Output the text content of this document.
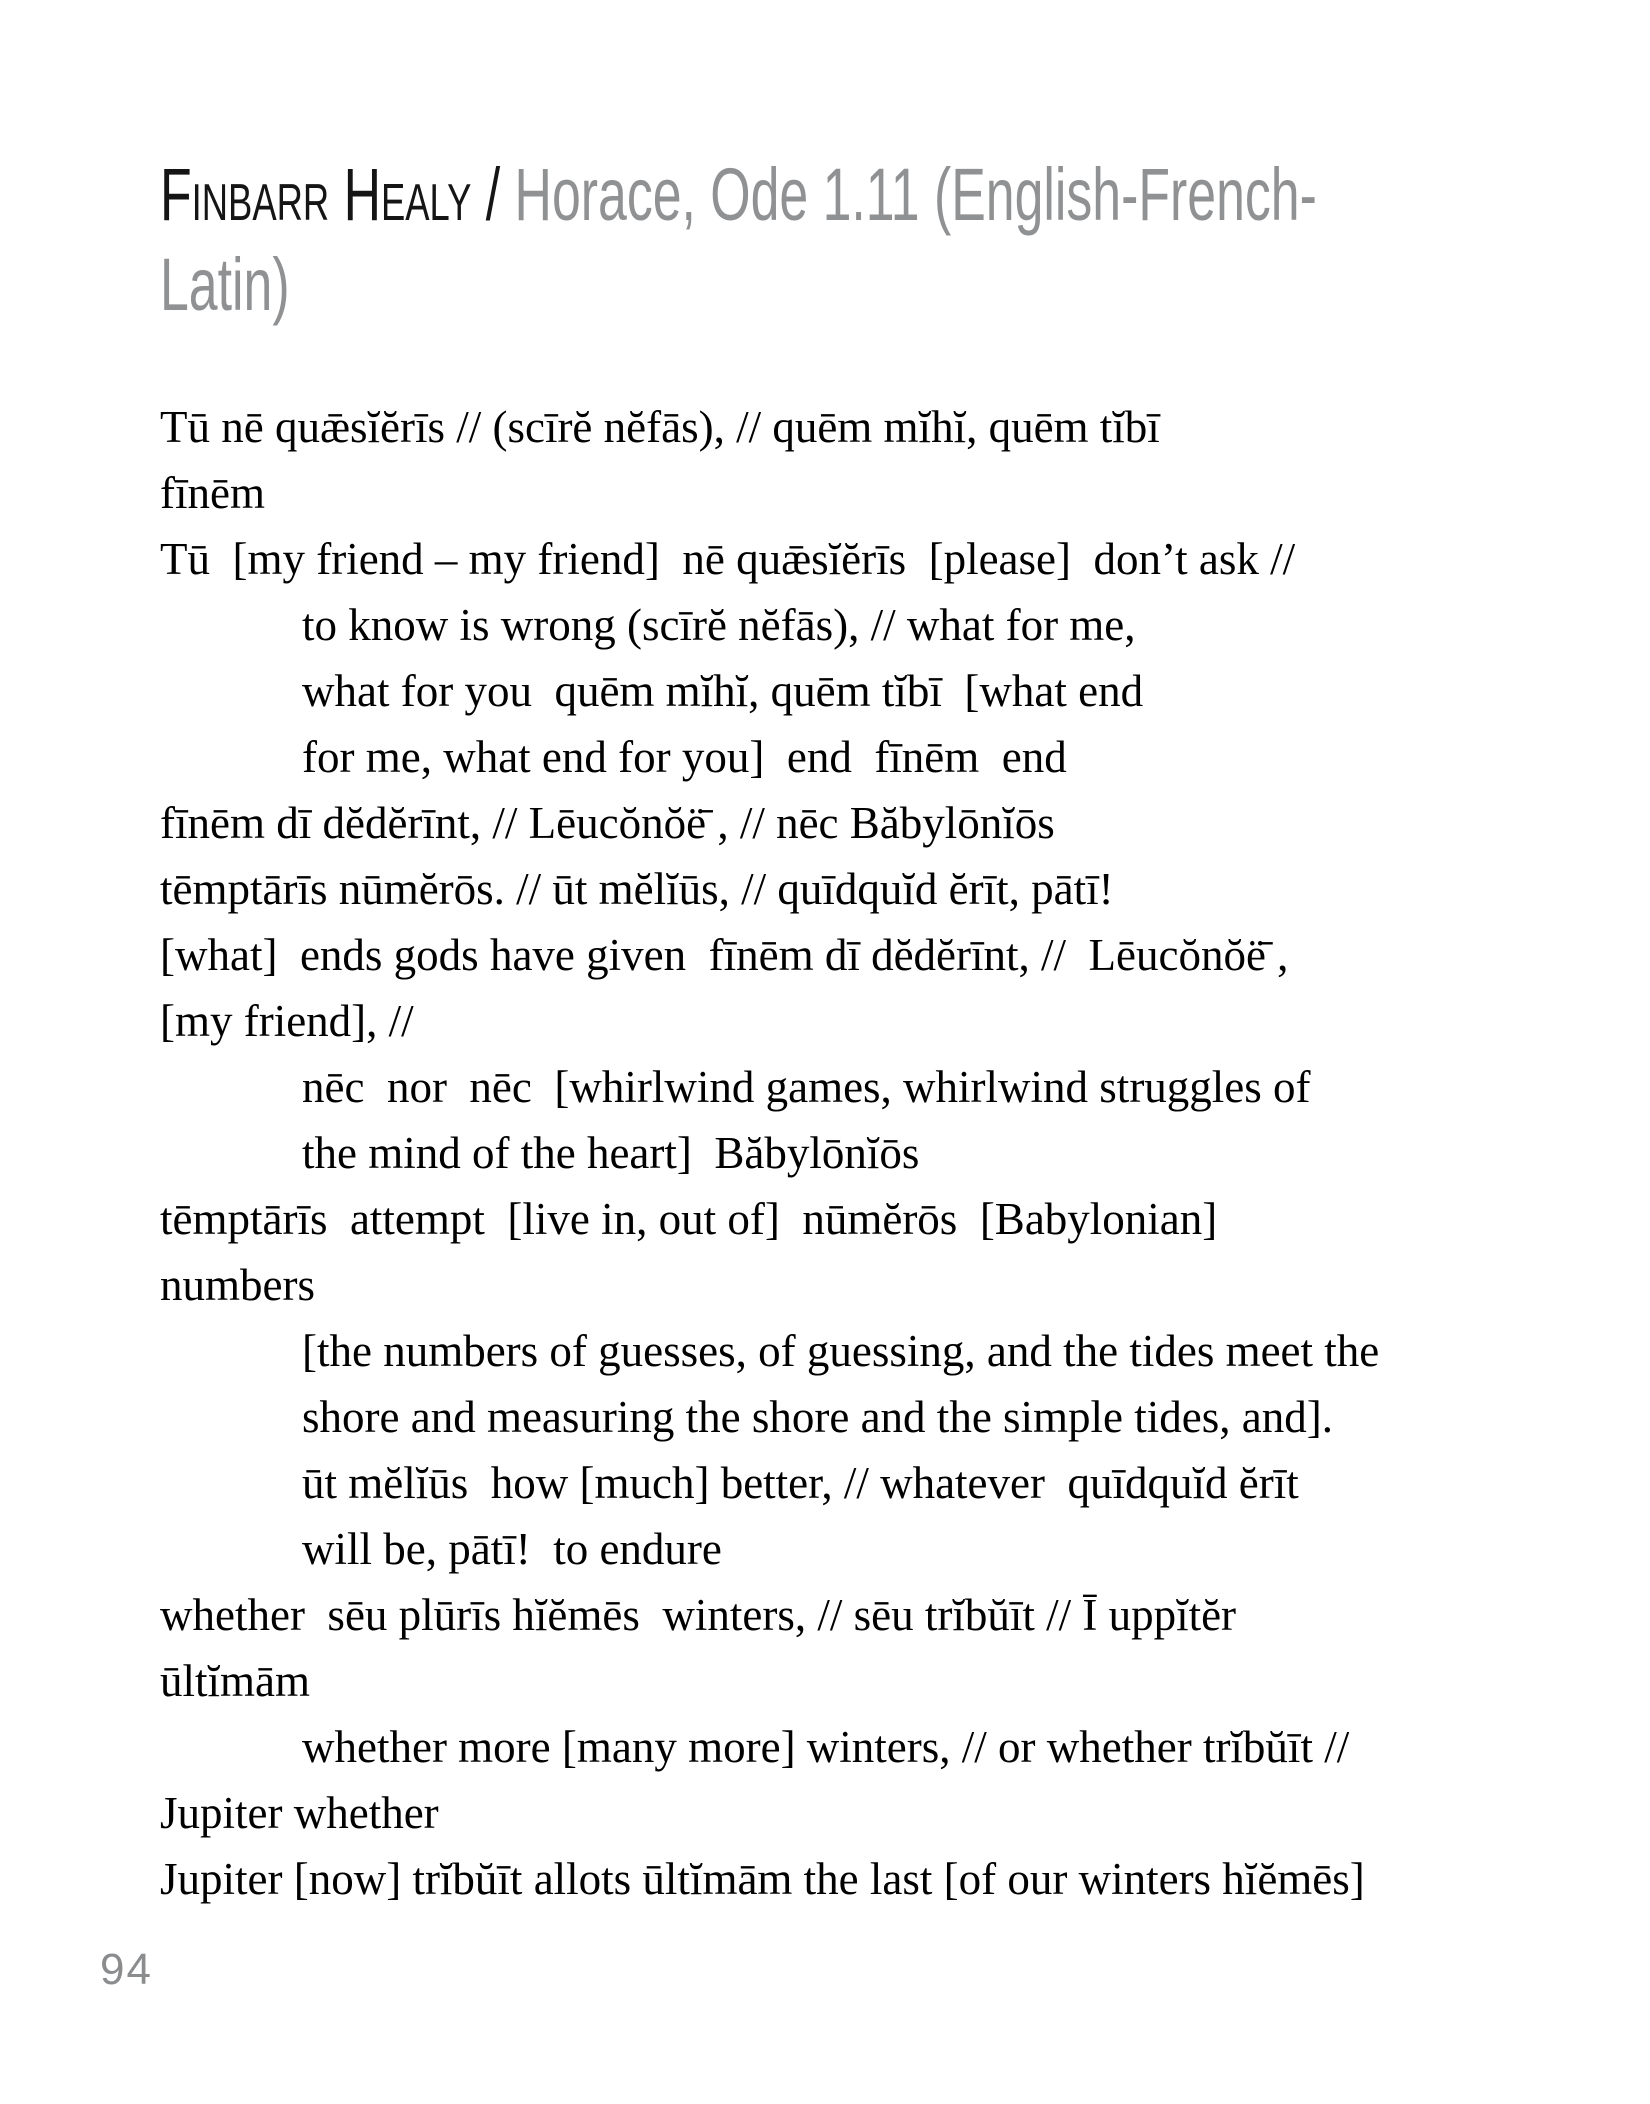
Finbarr Healy / Horace, Ode 1.11 (English-French-
Latin)
Tū nē quǣsĭĕrīs // (scīrĕ nĕfās), // quēm mĭhĭ, quēm tĭbī
fīnēm
Tū  [my friend – my friend]  nē quǣsĭĕrīs  [please]  don’t ask //
to know is wrong (scīrĕ nĕfās), // what for me,
what for you  quēm mĭhĭ, quēm tĭbī  [what end
for me, what end for you]  end  fīnēm  end
fīnēm dī dĕdĕrīnt, // Lēucŏnŏë̄ , // nēc Băbylōnĭōs
tēmptārīs nūmĕrōs. // ūt mĕlĭūs, // quīdquĭd ĕrīt, pātī!
[what]  ends gods have given  fīnēm dī dĕdĕrīnt, //  Lēucŏnŏë̄ ,
[my friend], //
nēc  nor  nēc  [whirlwind games, whirlwind struggles of
the mind of the heart]  Băbylōnĭōs
tēmptārīs  attempt  [live in, out of]  nūmĕrōs  [Babylonian]
numbers
[the numbers of guesses, of guessing, and the tides meet the
shore and measuring the shore and the simple tides, and].
ūt mĕlĭūs  how [much] better, // whatever  quīdquĭd ĕrīt
will be, pātī!  to endure
whether  sēu plūrīs hĭĕmēs  winters, // sēu trĭbŭīt // Ī uppĭtĕr
ūltĭmām
whether more [many more] winters, // or whether trĭbŭīt //
Jupiter whether
Jupiter [now] trĭbŭīt allots ūltĭmām the last [of our winters hĭĕmēs]
94
